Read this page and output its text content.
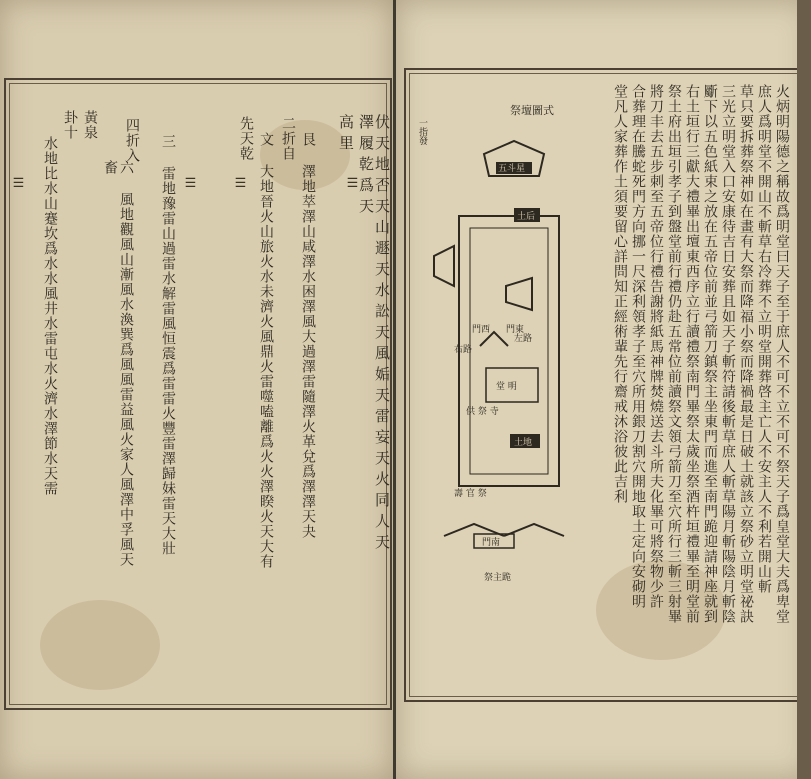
伏天地否天山遯天水訟天風姤天雷妄天火同人天澤履乾爲天
高里
艮 澤地萃澤山咸澤水困澤風大過澤雷隨澤火革兌爲澤澤天夬
二折自
文 大地晉火山旅火水未濟火風鼎火雷噬嗑離爲火火澤睽火天大有
先天乾
三 雷地豫雷山過雷水解雷風恒震爲雷雷火豐雷澤歸妹雷天大壯
四折入
六 風地觀風山漸風水渙巽爲風風雷益風火家人風澤中孚風天畜
黃泉
水地比水山蹇坎爲水水風井水雷屯水火濟水澤節水天需
卦十
☰
☰
☰
☰	火炳明陽德之稱故爲明堂曰天子至于庶人不可不立不可不祭天子爲皇堂大夫爲卑堂
庶人爲明堂不開山不斬草右冷葬不立明堂開葬啓主亡人不安主人不利若開山斬
草只要拆葬祭神如在畫有大祭而降福小祭而降禍最是日破土就該立祭砂立明堂祕訣
三光立明堂入口安康待吉日安葬且如天子斬符請後斬草庶人斬草陽月斬陽陰月斬陰
斸下以五色紙束之放在五帝位前並弓箭刀鎮祭主坐東門而進至南門跪迎請神座就到
右土垣行三獻大禮畢出壇東西序立行讀禮祭南門畢祭太歲坐祭酒杵垣禮畢至明堂前
祭土府出垣引孝子到盤堂前行禮仍赴五常位前讀祭文領弓箭刀至穴所行三斬三射畢
將刀丰去五步刺至五帝位行禮告謝將紙馬神牌焚燒送去斗所夫化畢可將祭物少許
合葬理在騰蛇死門方向挪一尺深利領孝子至穴所用銀刀割穴開地取土定向安砌明
堂凡人家葬作土須要留心詳問知正經術輩先行齋戒沐浴彼此吉利
祭壇圖式
一指發
五斗星
土后
左路
右路
門西 門東
堂 明
供 祭 寺
土地
壽 官 祭
門南
祭主跪
